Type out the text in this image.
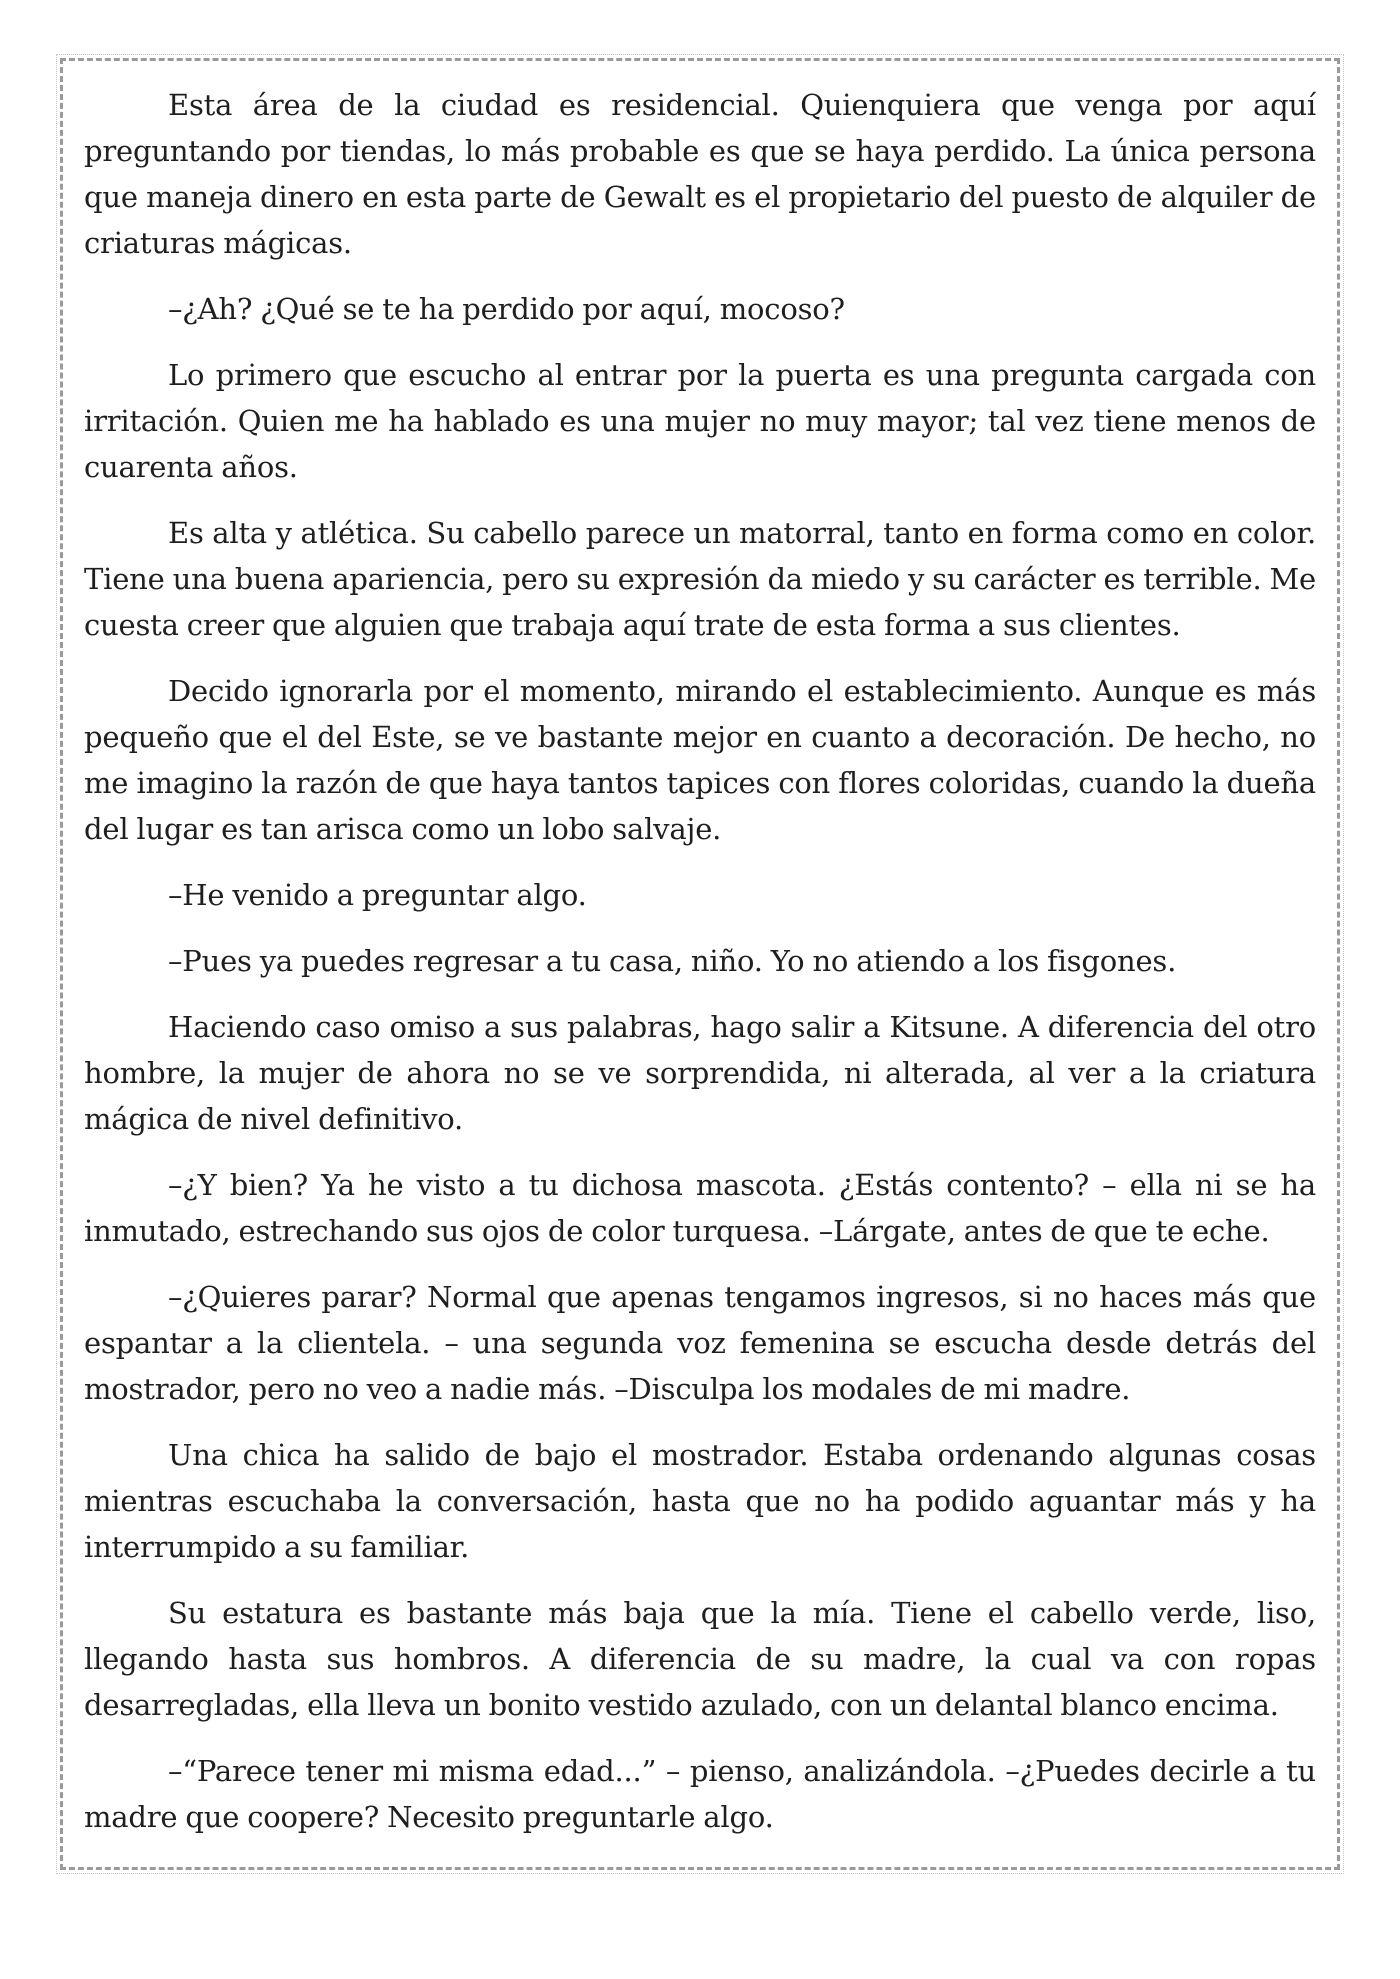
Esta área de la ciudad es residencial. Quienquiera que venga por aquí preguntando por tiendas, lo más probable es que se haya perdido. La única persona que maneja dinero en esta parte de Gewalt es el propietario del puesto de alquiler de criaturas mágicas.

–¿Ah? ¿Qué se te ha perdido por aquí, mocoso?

Lo primero que escucho al entrar por la puerta es una pregunta cargada con irritación. Quien me ha hablado es una mujer no muy mayor; tal vez tiene menos de cuarenta años.

Es alta y atlética. Su cabello parece un matorral, tanto en forma como en color. Tiene una buena apariencia, pero su expresión da miedo y su carácter es terrible. Me cuesta creer que alguien que trabaja aquí trate de esta forma a sus clientes.

Decido ignorarla por el momento, mirando el establecimiento. Aunque es más pequeño que el del Este, se ve bastante mejor en cuanto a decoración. De hecho, no me imagino la razón de que haya tantos tapices con flores coloridas, cuando la dueña del lugar es tan arisca como un lobo salvaje.

–He venido a preguntar algo.

–Pues ya puedes regresar a tu casa, niño. Yo no atiendo a los fisgones.

Haciendo caso omiso a sus palabras, hago salir a Kitsune. A diferencia del otro hombre, la mujer de ahora no se ve sorprendida, ni alterada, al ver a la criatura mágica de nivel definitivo.

–¿Y bien? Ya he visto a tu dichosa mascota. ¿Estás contento? – ella ni se ha inmutado, estrechando sus ojos de color turquesa. –Lárgate, antes de que te eche.

–¿Quieres parar? Normal que apenas tengamos ingresos, si no haces más que espantar a la clientela. – una segunda voz femenina se escucha desde detrás del mostrador, pero no veo a nadie más. –Disculpa los modales de mi madre.

Una chica ha salido de bajo el mostrador. Estaba ordenando algunas cosas mientras escuchaba la conversación, hasta que no ha podido aguantar más y ha interrumpido a su familiar.

Su estatura es bastante más baja que la mía. Tiene el cabello verde, liso, llegando hasta sus hombros. A diferencia de su madre, la cual va con ropas desarregladas, ella lleva un bonito vestido azulado, con un delantal blanco encima.

–“Parece tener mi misma edad...” – pienso, analizándola. –¿Puedes decirle a tu madre que coopere? Necesito preguntarle algo.
